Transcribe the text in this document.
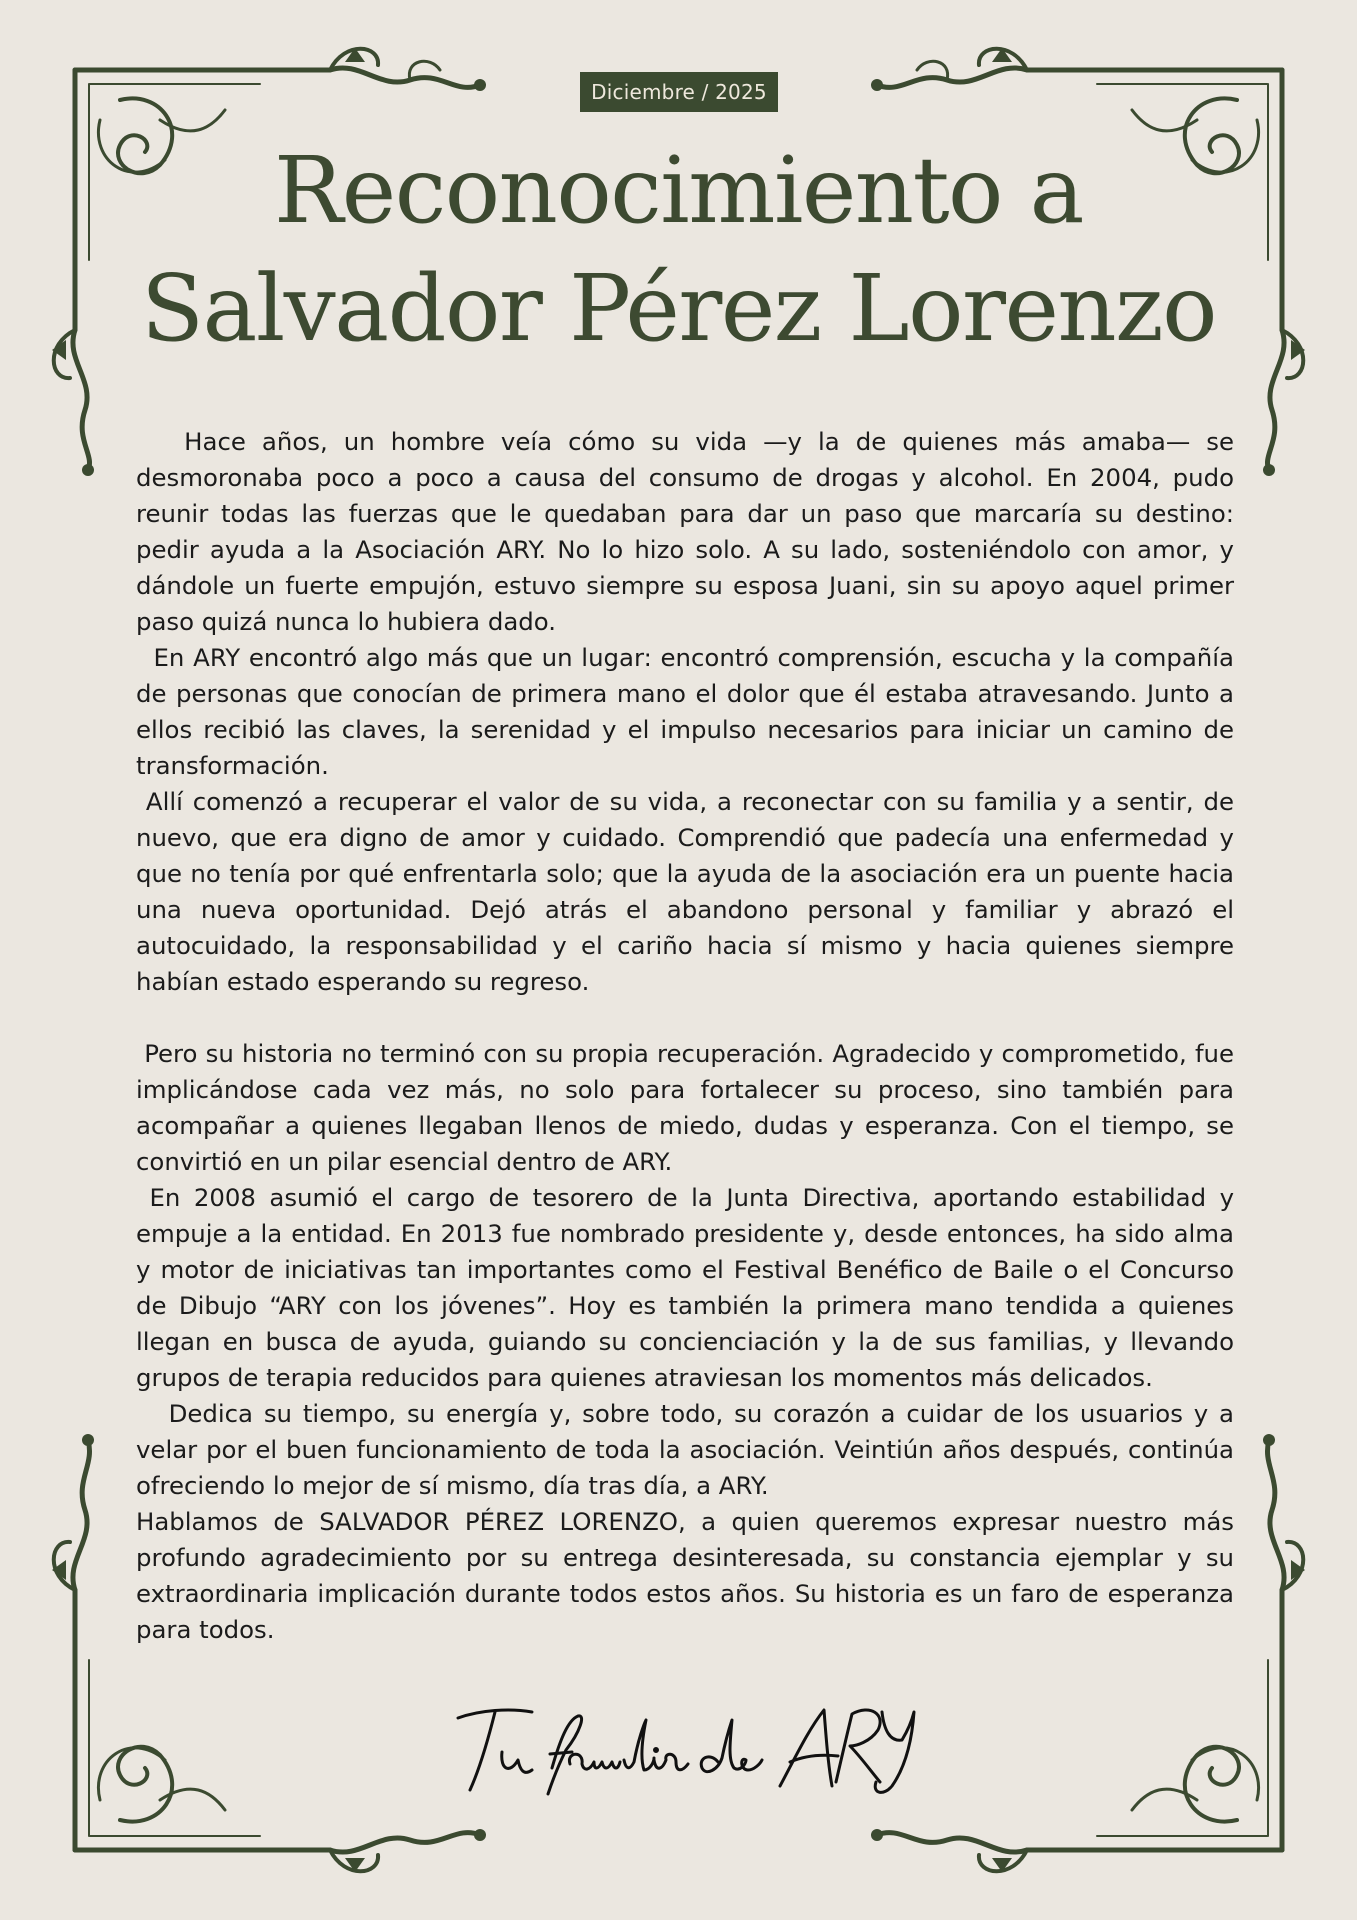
Diciembre / 2025
Reconocimiento a
Salvador Pérez Lorenzo

Hace años, un hombre veía cómo su vida —y la de quienes más amaba— se desmoronaba poco a poco a causa del consumo de drogas y alcohol. En 2004, pudo reunir todas las fuerzas que le quedaban para dar un paso que marcaría su destino: pedir ayuda a la Asociación ARY. No lo hizo solo. A su lado, sosteniéndolo con amor, y dándole un fuerte empujón, estuvo siempre su esposa Juani, sin su apoyo aquel primer paso quizá nunca lo hubiera dado.

En ARY encontró algo más que un lugar: encontró comprensión, escucha y la compañía de personas que conocían de primera mano el dolor que él estaba atravesando. Junto a ellos recibió las claves, la serenidad y el impulso necesarios para iniciar un camino de transformación.

Allí comenzó a recuperar el valor de su vida, a reconectar con su familia y a sentir, de nuevo, que era digno de amor y cuidado. Comprendió que padecía una enfermedad y que no tenía por qué enfrentarla solo; que la ayuda de la asociación era un puente hacia una nueva oportunidad. Dejó atrás el abandono personal y familiar y abrazó el autocuidado, la responsabilidad y el cariño hacia sí mismo y hacia quienes siempre habían estado esperando su regreso.

Pero su historia no terminó con su propia recuperación. Agradecido y comprometido, fue implicándose cada vez más, no solo para fortalecer su proceso, sino también para acompañar a quienes llegaban llenos de miedo, dudas y esperanza. Con el tiempo, se convirtió en un pilar esencial dentro de ARY.

En 2008 asumió el cargo de tesorero de la Junta Directiva, aportando estabilidad y empuje a la entidad. En 2013 fue nombrado presidente y, desde entonces, ha sido alma y motor de iniciativas tan importantes como el Festival Benéfico de Baile o el Concurso de Dibujo “ARY con los jóvenes”. Hoy es también la primera mano tendida a quienes llegan en busca de ayuda, guiando su concienciación y la de sus familias, y llevando grupos de terapia reducidos para quienes atraviesan los momentos más delicados.

Dedica su tiempo, su energía y, sobre todo, su corazón a cuidar de los usuarios y a velar por el buen funcionamiento de toda la asociación. Veintiún años después, continúa ofreciendo lo mejor de sí mismo, día tras día, a ARY.

Hablamos de SALVADOR PÉREZ LORENZO, a quien queremos expresar nuestro más profundo agradecimiento por su entrega desinteresada, su constancia ejemplar y su extraordinaria implicación durante todos estos años. Su historia es un faro de esperanza para todos.
